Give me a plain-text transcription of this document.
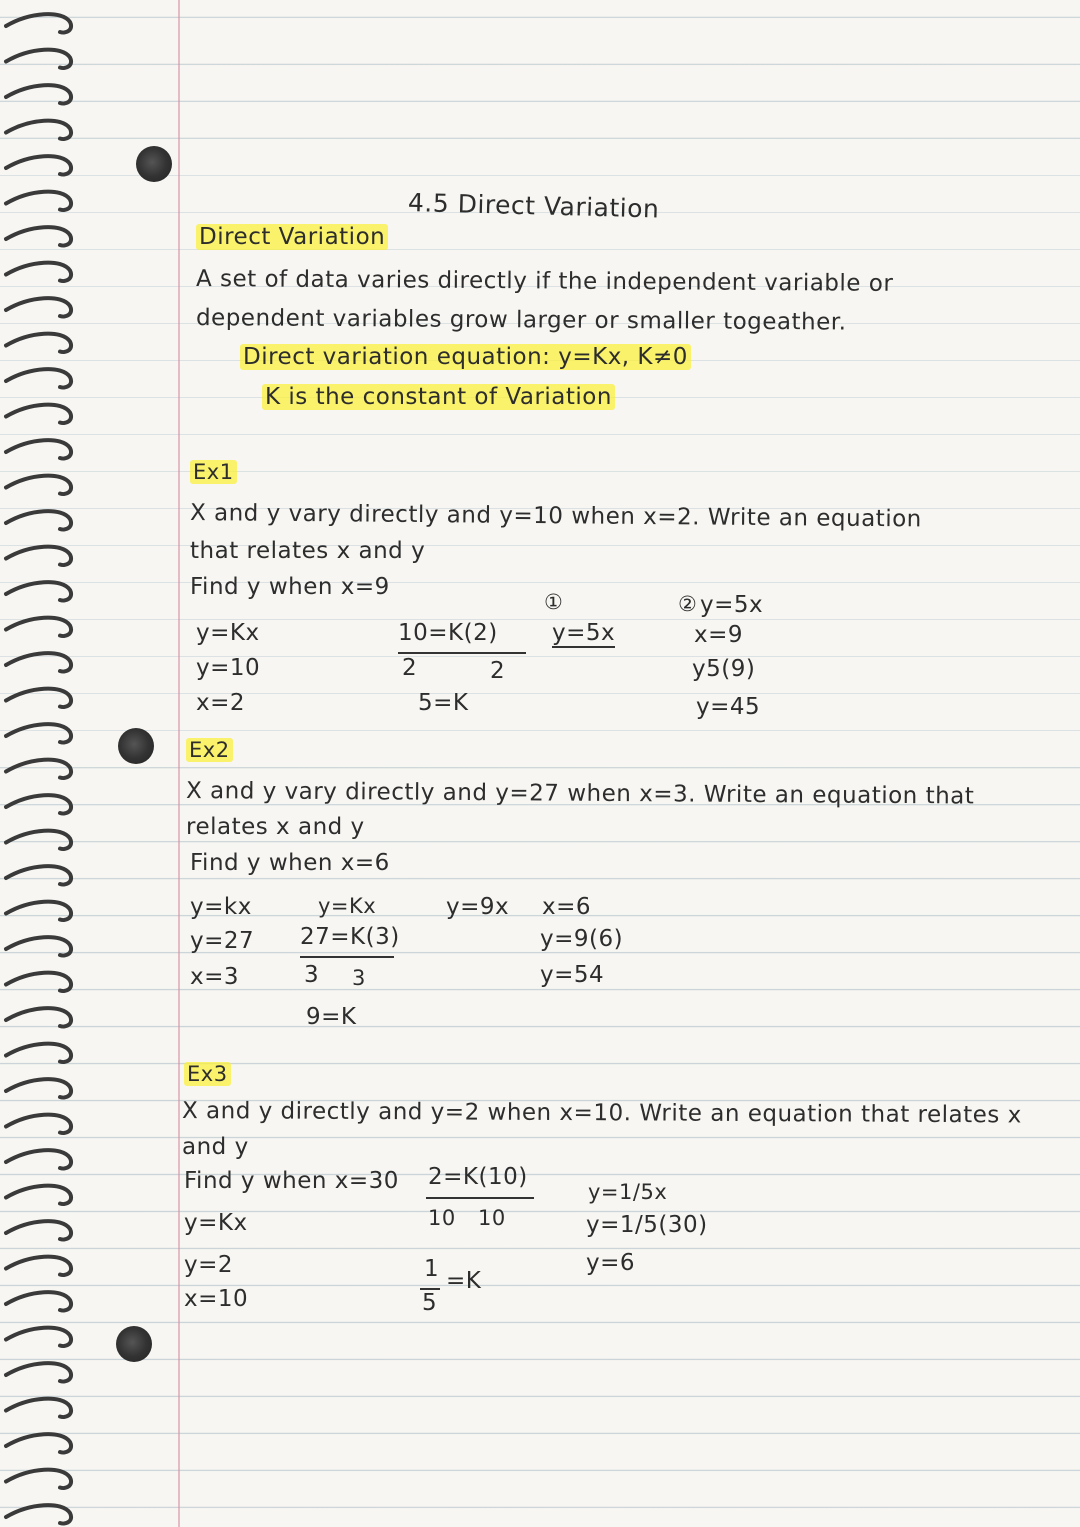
4.5 Direct Variation
Direct Variation
A set of data varies directly if the independent variable or
dependent variables grow larger or smaller togeather.
Direct variation equation: y=Kx, K≠0
K is the constant of Variation
Ex1
X and y vary directly and y=10 when x=2. Write an equation
that relates x and y
Find y when x=9
y=Kx
y=10
x=2
10=K(2)
2	2
5=K
①
y=5x
② y=5x
x=9
y5(9)
y=45
Ex2
X and y vary directly and y=27 when x=3. Write an equation that
relates x and y
Find y when x=6
y=kx
y=27
x=3
y=Kx
27=K(3)
3 3
9=K
y=9x x=6
y=9(6)
y=54
Ex3
X and y directly and y=2 when x=10. Write an equation that relates x
and y
Find y when x=30
y=Kx
y=2
x=10
2=K(10)
10 10
1
5
=K
y=1/5x
y=1/5(30)
y=6
